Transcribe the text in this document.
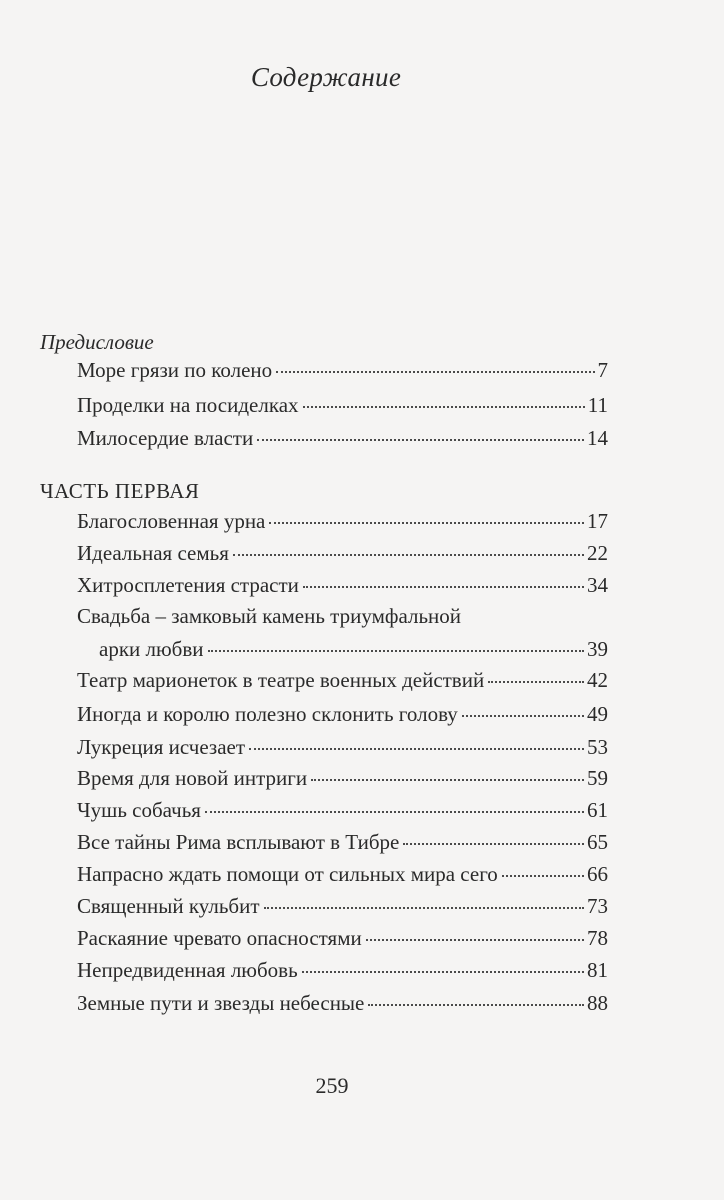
Содержание
Предисловие
Море грязи по колено	7
Проделки на посиделках	11
Милосердие власти	14
ЧАСТЬ ПЕРВАЯ
Благословенная урна	17
Идеальная семья	22
Хитросплетения страсти	34
Свадьба – замковый камень триумфальной
арки любви	39
Театр марионеток в театре военных действий	42
Иногда и королю полезно склонить голову	49
Лукреция исчезает	53
Время для новой интриги	59
Чушь собачья	61
Все тайны Рима всплывают в Тибре	65
Напрасно ждать помощи от сильных мира сего	66
Священный кульбит	73
Раскаяние чревато опасностями	78
Непредвиденная любовь	81
Земные пути и звезды небесные	88
259
